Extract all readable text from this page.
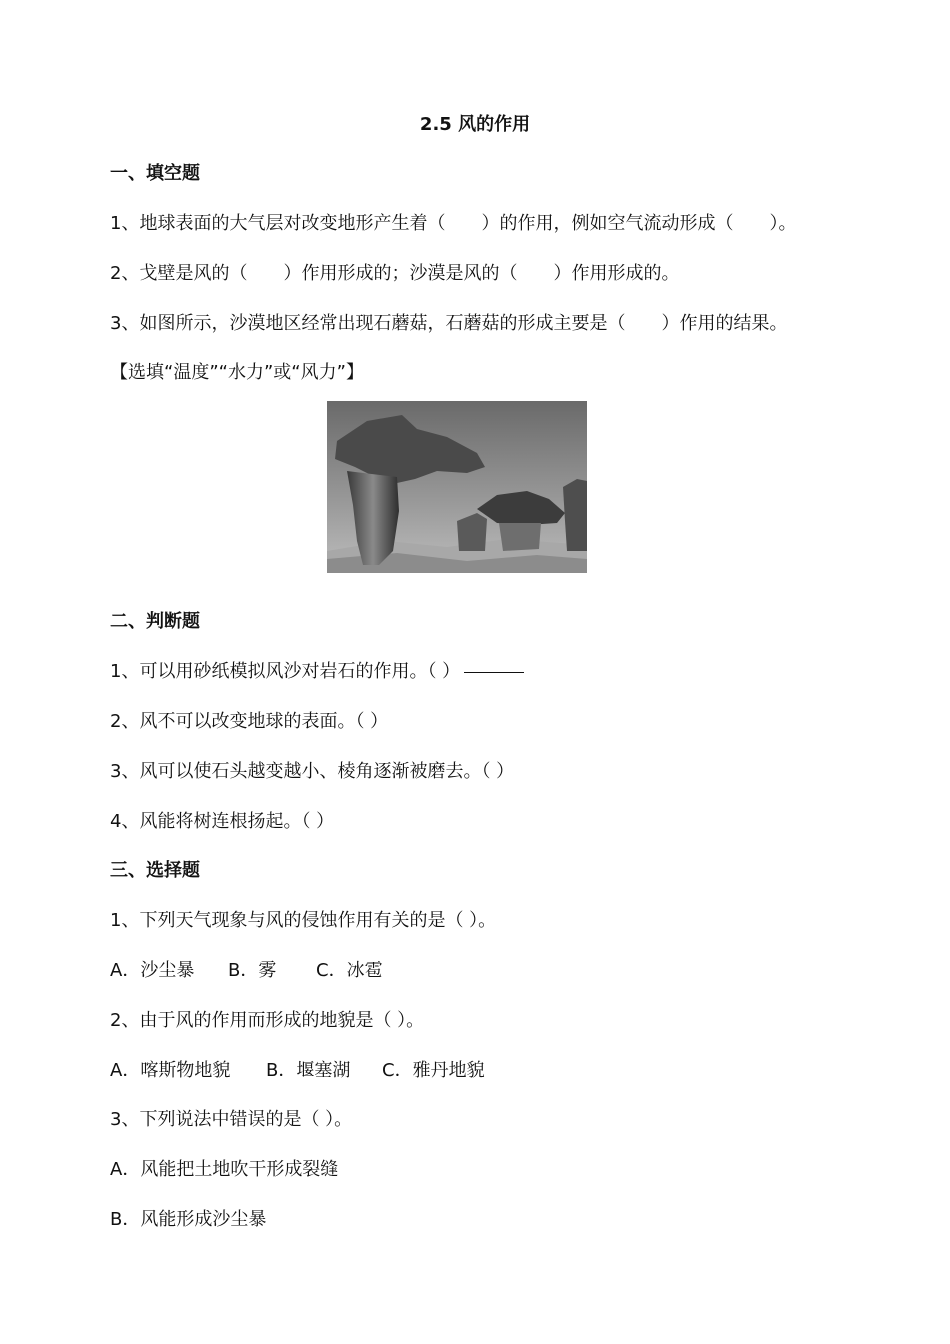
2.5 风的作用

一、填空题

1、地球表面的大气层对改变地形产生着（　　）的作用，例如空气流动形成（　　）。

2、戈壁是风的（　　）作用形成的；沙漠是风的（　　）作用形成的。

3、如图所示，沙漠地区经常出现石蘑菇，石蘑菇的形成主要是（　　）作用的结果。

【选填“温度”“水力”或“风力”】

二、判断题

1、可以用砂纸模拟风沙对岩石的作用。（ ）

2、风不可以改变地球的表面。（ ）

3、风可以使石头越变越小、棱角逐渐被磨去。（ ）

4、风能将树连根扬起。（ ）

三、选择题

1、下列天气现象与风的侵蚀作用有关的是（ ）。

A．沙尘暴 B．雾 C．冰雹

2、由于风的作用而形成的地貌是（ ）。

A．喀斯物地貌 B．堰塞湖 C．雅丹地貌

3、下列说法中错误的是（ ）。

A．风能把土地吹干形成裂缝

B．风能形成沙尘暴
